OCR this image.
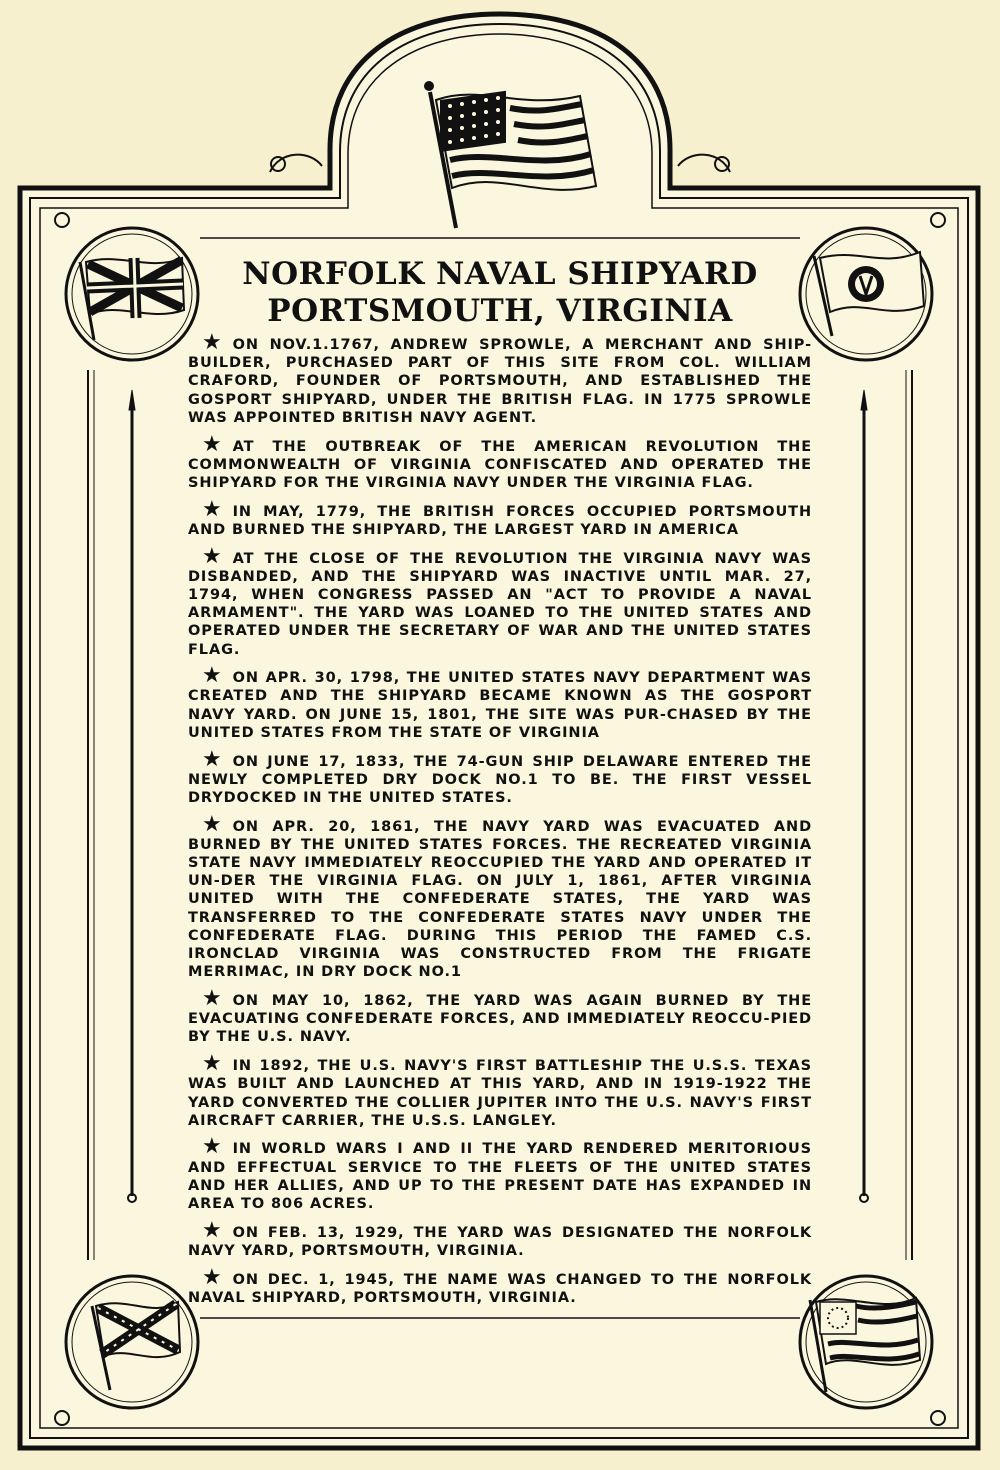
NORFOLK NAVAL SHIPYARD
PORTSMOUTH, VIRGINIA

★ ON NOV.1.1767, ANDREW SPROWLE, A MERCHANT AND SHIP-BUILDER, PURCHASED PART OF THIS SITE FROM COL. WILLIAM CRAFORD, FOUNDER OF PORTSMOUTH, AND ESTABLISHED THE GOSPORT SHIPYARD, UNDER THE BRITISH FLAG. IN 1775 SPROWLE WAS APPOINTED BRITISH NAVY AGENT.

★ AT THE OUTBREAK OF THE AMERICAN REVOLUTION THE COMMONWEALTH OF VIRGINIA CONFISCATED AND OPERATED THE SHIPYARD FOR THE VIRGINIA NAVY UNDER THE VIRGINIA FLAG.

★ IN MAY, 1779, THE BRITISH FORCES OCCUPIED PORTSMOUTH AND BURNED THE SHIPYARD, THE LARGEST YARD IN AMERICA

★ AT THE CLOSE OF THE REVOLUTION THE VIRGINIA NAVY WAS DISBANDED, AND THE SHIPYARD WAS INACTIVE UNTIL MAR. 27, 1794, WHEN CONGRESS PASSED AN "ACT TO PROVIDE A NAVAL ARMAMENT". THE YARD WAS LOANED TO THE UNITED STATES AND OPERATED UNDER THE SECRETARY OF WAR AND THE UNITED STATES FLAG.

★ ON APR. 30, 1798, THE UNITED STATES NAVY DEPARTMENT WAS CREATED AND THE SHIPYARD BECAME KNOWN AS THE GOSPORT NAVY YARD. ON JUNE 15, 1801, THE SITE WAS PUR-CHASED BY THE UNITED STATES FROM THE STATE OF VIRGINIA

★ ON JUNE 17, 1833, THE 74-GUN SHIP DELAWARE ENTERED THE NEWLY COMPLETED DRY DOCK NO.1 TO BE. THE FIRST VESSEL DRYDOCKED IN THE UNITED STATES.

★ ON APR. 20, 1861, THE NAVY YARD WAS EVACUATED AND BURNED BY THE UNITED STATES FORCES. THE RECREATED VIRGINIA STATE NAVY IMMEDIATELY REOCCUPIED THE YARD AND OPERATED IT UN-DER THE VIRGINIA FLAG. ON JULY 1, 1861, AFTER VIRGINIA UNITED WITH THE CONFEDERATE STATES, THE YARD WAS TRANSFERRED TO THE CONFEDERATE STATES NAVY UNDER THE CONFEDERATE FLAG. DURING THIS PERIOD THE FAMED C.S. IRONCLAD VIRGINIA WAS CONSTRUCTED FROM THE FRIGATE MERRIMAC, IN DRY DOCK NO.1

★ ON MAY 10, 1862, THE YARD WAS AGAIN BURNED BY THE EVACUATING CONFEDERATE FORCES, AND IMMEDIATELY REOCCU-PIED BY THE U.S. NAVY.

★ IN 1892, THE U.S. NAVY'S FIRST BATTLESHIP THE U.S.S. TEXAS WAS BUILT AND LAUNCHED AT THIS YARD, AND IN 1919-1922 THE YARD CONVERTED THE COLLIER JUPITER INTO THE U.S. NAVY'S FIRST AIRCRAFT CARRIER, THE U.S.S. LANGLEY.

★ IN WORLD WARS I AND II THE YARD RENDERED MERITORIOUS AND EFFECTUAL SERVICE TO THE FLEETS OF THE UNITED STATES AND HER ALLIES, AND UP TO THE PRESENT DATE HAS EXPANDED IN AREA TO 806 ACRES.

★ ON FEB. 13, 1929, THE YARD WAS DESIGNATED THE NORFOLK NAVY YARD, PORTSMOUTH, VIRGINIA.

★ ON DEC. 1, 1945, THE NAME WAS CHANGED TO THE NORFOLK NAVAL SHIPYARD, PORTSMOUTH, VIRGINIA.
